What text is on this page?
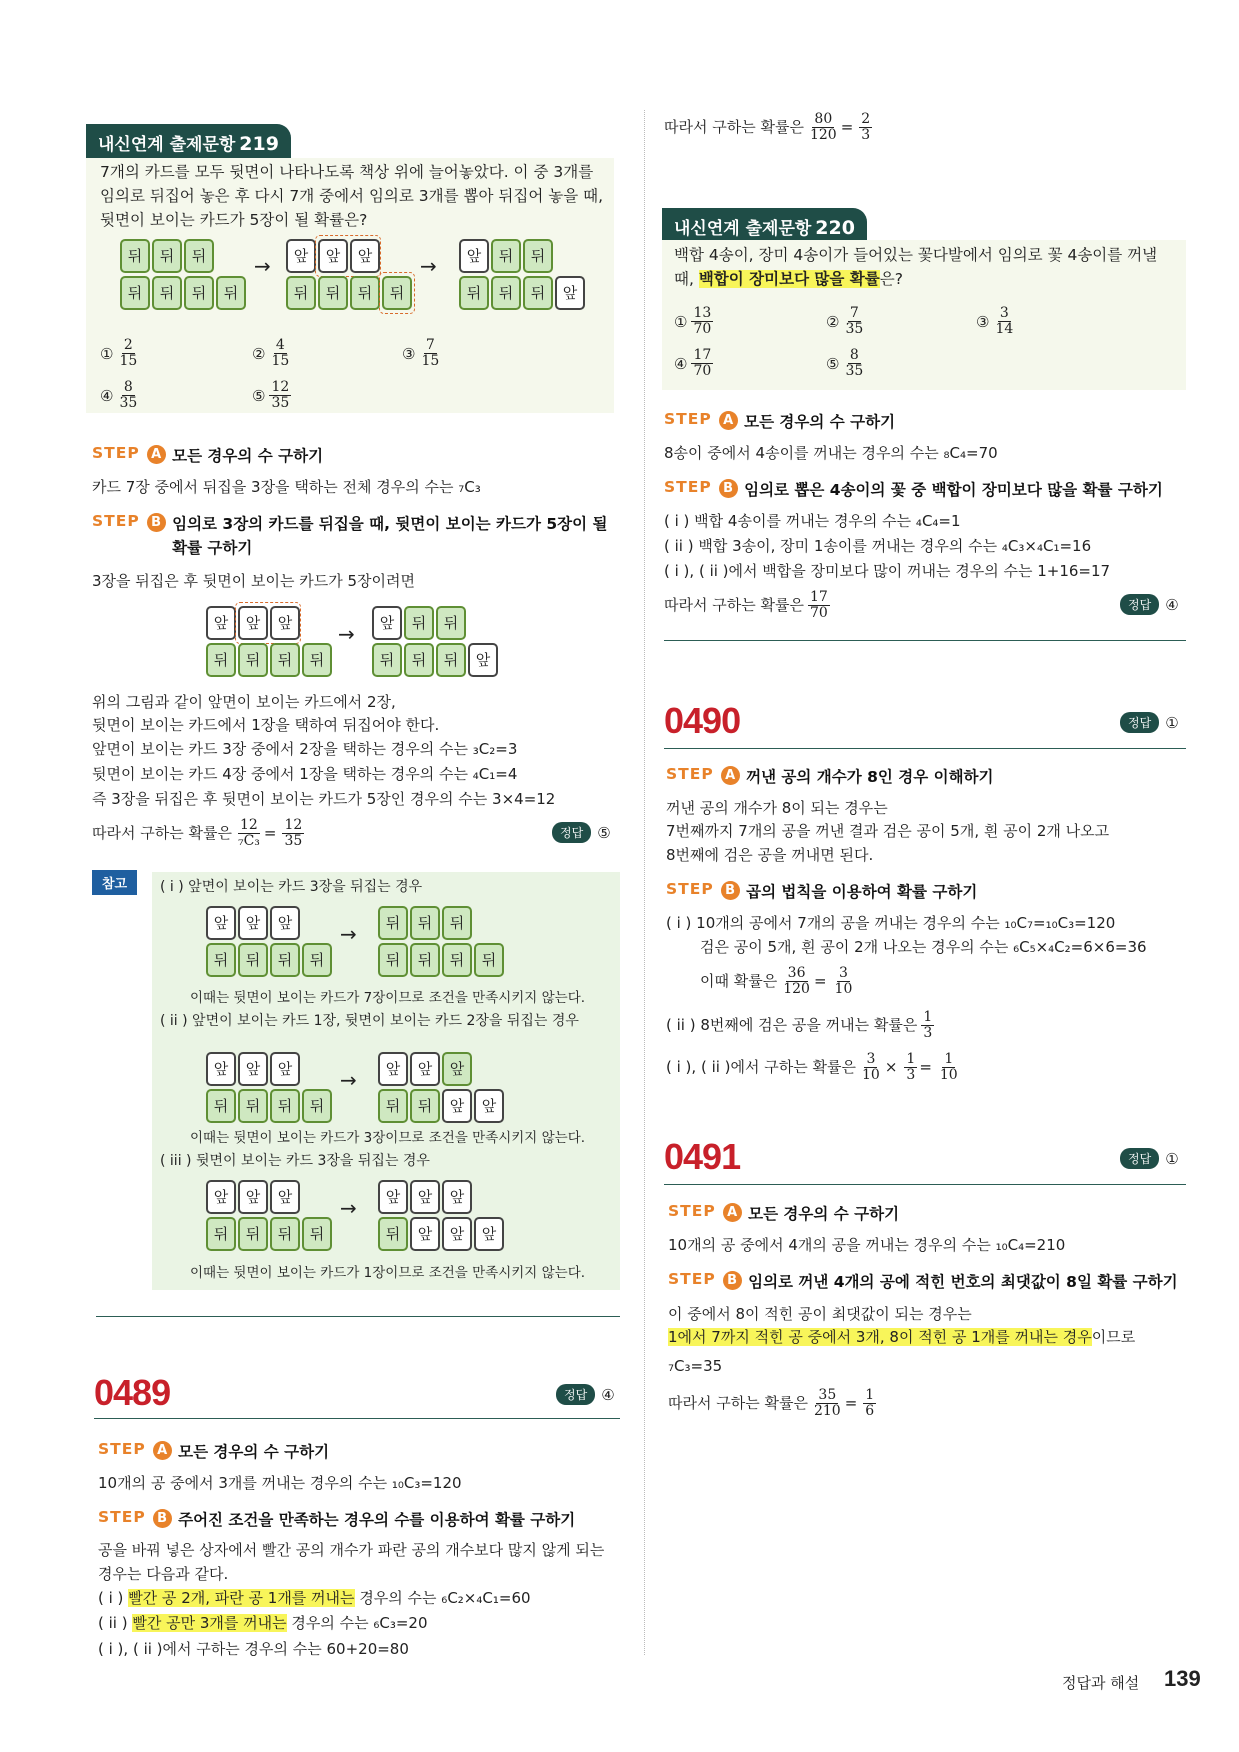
내신연계 출제문항 219
7개의 카드를 모두 뒷면이 나타나도록 책상 위에 늘어놓았다. 이 중 3개를
임의로 뒤집어 놓은 후 다시 7개 중에서 임의로 3개를 뽑아 뒤집어 놓을 때,
뒷면이 보이는 카드가 5장이 될 확률은?
뒤	뒤	뒤
뒤	뒤	뒤	뒤
→	앞	앞	앞
뒤	뒤	뒤	뒤
→	앞	뒤	뒤
뒤	뒤	뒤	앞
① $\frac{2}{15}$	② $\frac{4}{15}$	③ $\frac{7}{15}$
④ $\frac{8}{35}$	⑤ $\frac{12}{35}$
STEP A 모든 경우의 수 구하기
카드 7장 중에서 뒤집을 3장을 택하는 전체 경우의 수는 ₇C₃
STEP B 임의로 3장의 카드를 뒤집을 때, 뒷면이 보이는 카드가 5장이 될
확률 구하기
3장을 뒤집은 후 뒷면이 보이는 카드가 5장이려면
앞	앞	앞
뒤	뒤	뒤	뒤
→	앞	뒤	뒤
뒤	뒤	뒤	앞
위의 그림과 같이 앞면이 보이는 카드에서 2장,
뒷면이 보이는 카드에서 1장을 택하여 뒤집어야 한다.
앞면이 보이는 카드 3장 중에서 2장을 택하는 경우의 수는 ₃C₂=3
뒷면이 보이는 카드 4장 중에서 1장을 택하는 경우의 수는 ₄C₁=4
즉 3장을 뒤집은 후 뒷면이 보이는 카드가 5장인 경우의 수는 3×4=12
따라서 구하는 확률은 $\frac{12}{\text{₇C₃}} = \frac{12}{35}$	정답 ⑤
참고	( i ) 앞면이 보이는 카드 3장을 뒤집는 경우
앞	앞	앞
뒤	뒤	뒤	뒤
→	뒤	뒤	뒤
뒤	뒤	뒤	뒤
이때는 뒷면이 보이는 카드가 7장이므로 조건을 만족시키지 않는다.
( ii ) 앞면이 보이는 카드 1장, 뒷면이 보이는 카드 2장을 뒤집는 경우
앞	앞	앞
뒤	뒤	뒤	뒤
→	앞	앞	앞
뒤	뒤	앞	앞
이때는 뒷면이 보이는 카드가 3장이므로 조건을 만족시키지 않는다.
( iii ) 뒷면이 보이는 카드 3장을 뒤집는 경우
앞	앞	앞
뒤	뒤	뒤	뒤
→	앞	앞	앞
뒤	앞	앞	앞
이때는 뒷면이 보이는 카드가 1장이므로 조건을 만족시키지 않는다.
0489	정답 ④
STEP A 모든 경우의 수 구하기
10개의 공 중에서 3개를 꺼내는 경우의 수는 ₁₀C₃=120
STEP B 주어진 조건을 만족하는 경우의 수를 이용하여 확률 구하기
공을 바꿔 넣은 상자에서 빨간 공의 개수가 파란 공의 개수보다 많지 않게 되는
경우는 다음과 같다.
( i ) 빨간 공 2개, 파란 공 1개를 꺼내는 경우의 수는 ₆C₂×₄C₁=60
( ii ) 빨간 공만 3개를 꺼내는 경우의 수는 ₆C₃=20
( i ), ( ii )에서 구하는 경우의 수는 60+20=80
따라서 구하는 확률은 $\frac{80}{120} = \frac{2}{3}$
내신연계 출제문항 220
백합 4송이, 장미 4송이가 들어있는 꽃다발에서 임의로 꽃 4송이를 꺼낼
때, 백합이 장미보다 많을 확률은?
① $\frac{13}{70}$	② $\frac{7}{35}$	③ $\frac{3}{14}$
④ $\frac{17}{70}$	⑤ $\frac{8}{35}$
STEP A 모든 경우의 수 구하기
8송이 중에서 4송이를 꺼내는 경우의 수는 ₈C₄=70
STEP B 임의로 뽑은 4송이의 꽃 중 백합이 장미보다 많을 확률 구하기
( i ) 백합 4송이를 꺼내는 경우의 수는 ₄C₄=1
( ii ) 백합 3송이, 장미 1송이를 꺼내는 경우의 수는 ₄C₃×₄C₁=16
( i ), ( ii )에서 백합을 장미보다 많이 꺼내는 경우의 수는 1+16=17
따라서 구하는 확률은 $\frac{17}{70}$	정답 ④
0490	정답 ①
STEP A 꺼낸 공의 개수가 8인 경우 이해하기
꺼낸 공의 개수가 8이 되는 경우는
7번째까지 7개의 공을 꺼낸 결과 검은 공이 5개, 흰 공이 2개 나오고
8번째에 검은 공을 꺼내면 된다.
STEP B 곱의 법칙을 이용하여 확률 구하기
( i ) 10개의 공에서 7개의 공을 꺼내는 경우의 수는 ₁₀C₇=₁₀C₃=120
검은 공이 5개, 흰 공이 2개 나오는 경우의 수는 ₆C₅×₄C₂=6×6=36
이때 확률은 $\frac{36}{120} = \frac{3}{10}$
( ii ) 8번째에 검은 공을 꺼내는 확률은 $\frac{1}{3}$
( i ), ( ii )에서 구하는 확률은 $\frac{3}{10} \times \frac{1}{3} = \frac{1}{10}$
0491	정답 ①
STEP A 모든 경우의 수 구하기
10개의 공 중에서 4개의 공을 꺼내는 경우의 수는 ₁₀C₄=210
STEP B 임의로 꺼낸 4개의 공에 적힌 번호의 최댓값이 8일 확률 구하기
이 중에서 8이 적힌 공이 최댓값이 되는 경우는
1에서 7까지 적힌 공 중에서 3개, 8이 적힌 공 1개를 꺼내는 경우이므로
₇C₃=35
따라서 구하는 확률은 $\frac{35}{210} = \frac{1}{6}$
정답과 해설 139
